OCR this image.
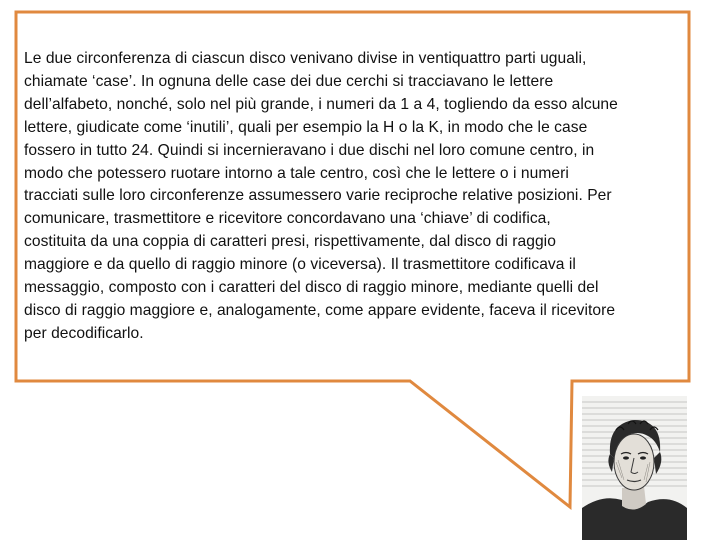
Le due circonferenza di ciascun disco venivano divise in ventiquattro parti uguali,
chiamate ‘case’. In ognuna delle case dei due cerchi si tracciavano le lettere
dell’alfabeto, nonché, solo nel più grande, i numeri da 1 a 4, togliendo da esso alcune
lettere, giudicate come ‘inutili’, quali per esempio la H o la K, in modo che le case
fossero in tutto 24. Quindi si incernieravano i due dischi nel loro comune centro, in
modo che potessero ruotare intorno a tale centro, così che le lettere o i numeri
tracciati sulle loro circonferenze assumessero varie reciproche relative posizioni. Per
comunicare, trasmettitore e ricevitore concordavano una ‘chiave’ di codifica,
costituita da una coppia di caratteri presi, rispettivamente, dal disco di raggio
maggiore e da quello di raggio minore (o viceversa). Il trasmettitore codificava il
messaggio, composto con i caratteri del disco di raggio minore, mediante quelli del
disco di raggio maggiore e, analogamente, come appare evidente, faceva il ricevitore
per decodificarlo.
